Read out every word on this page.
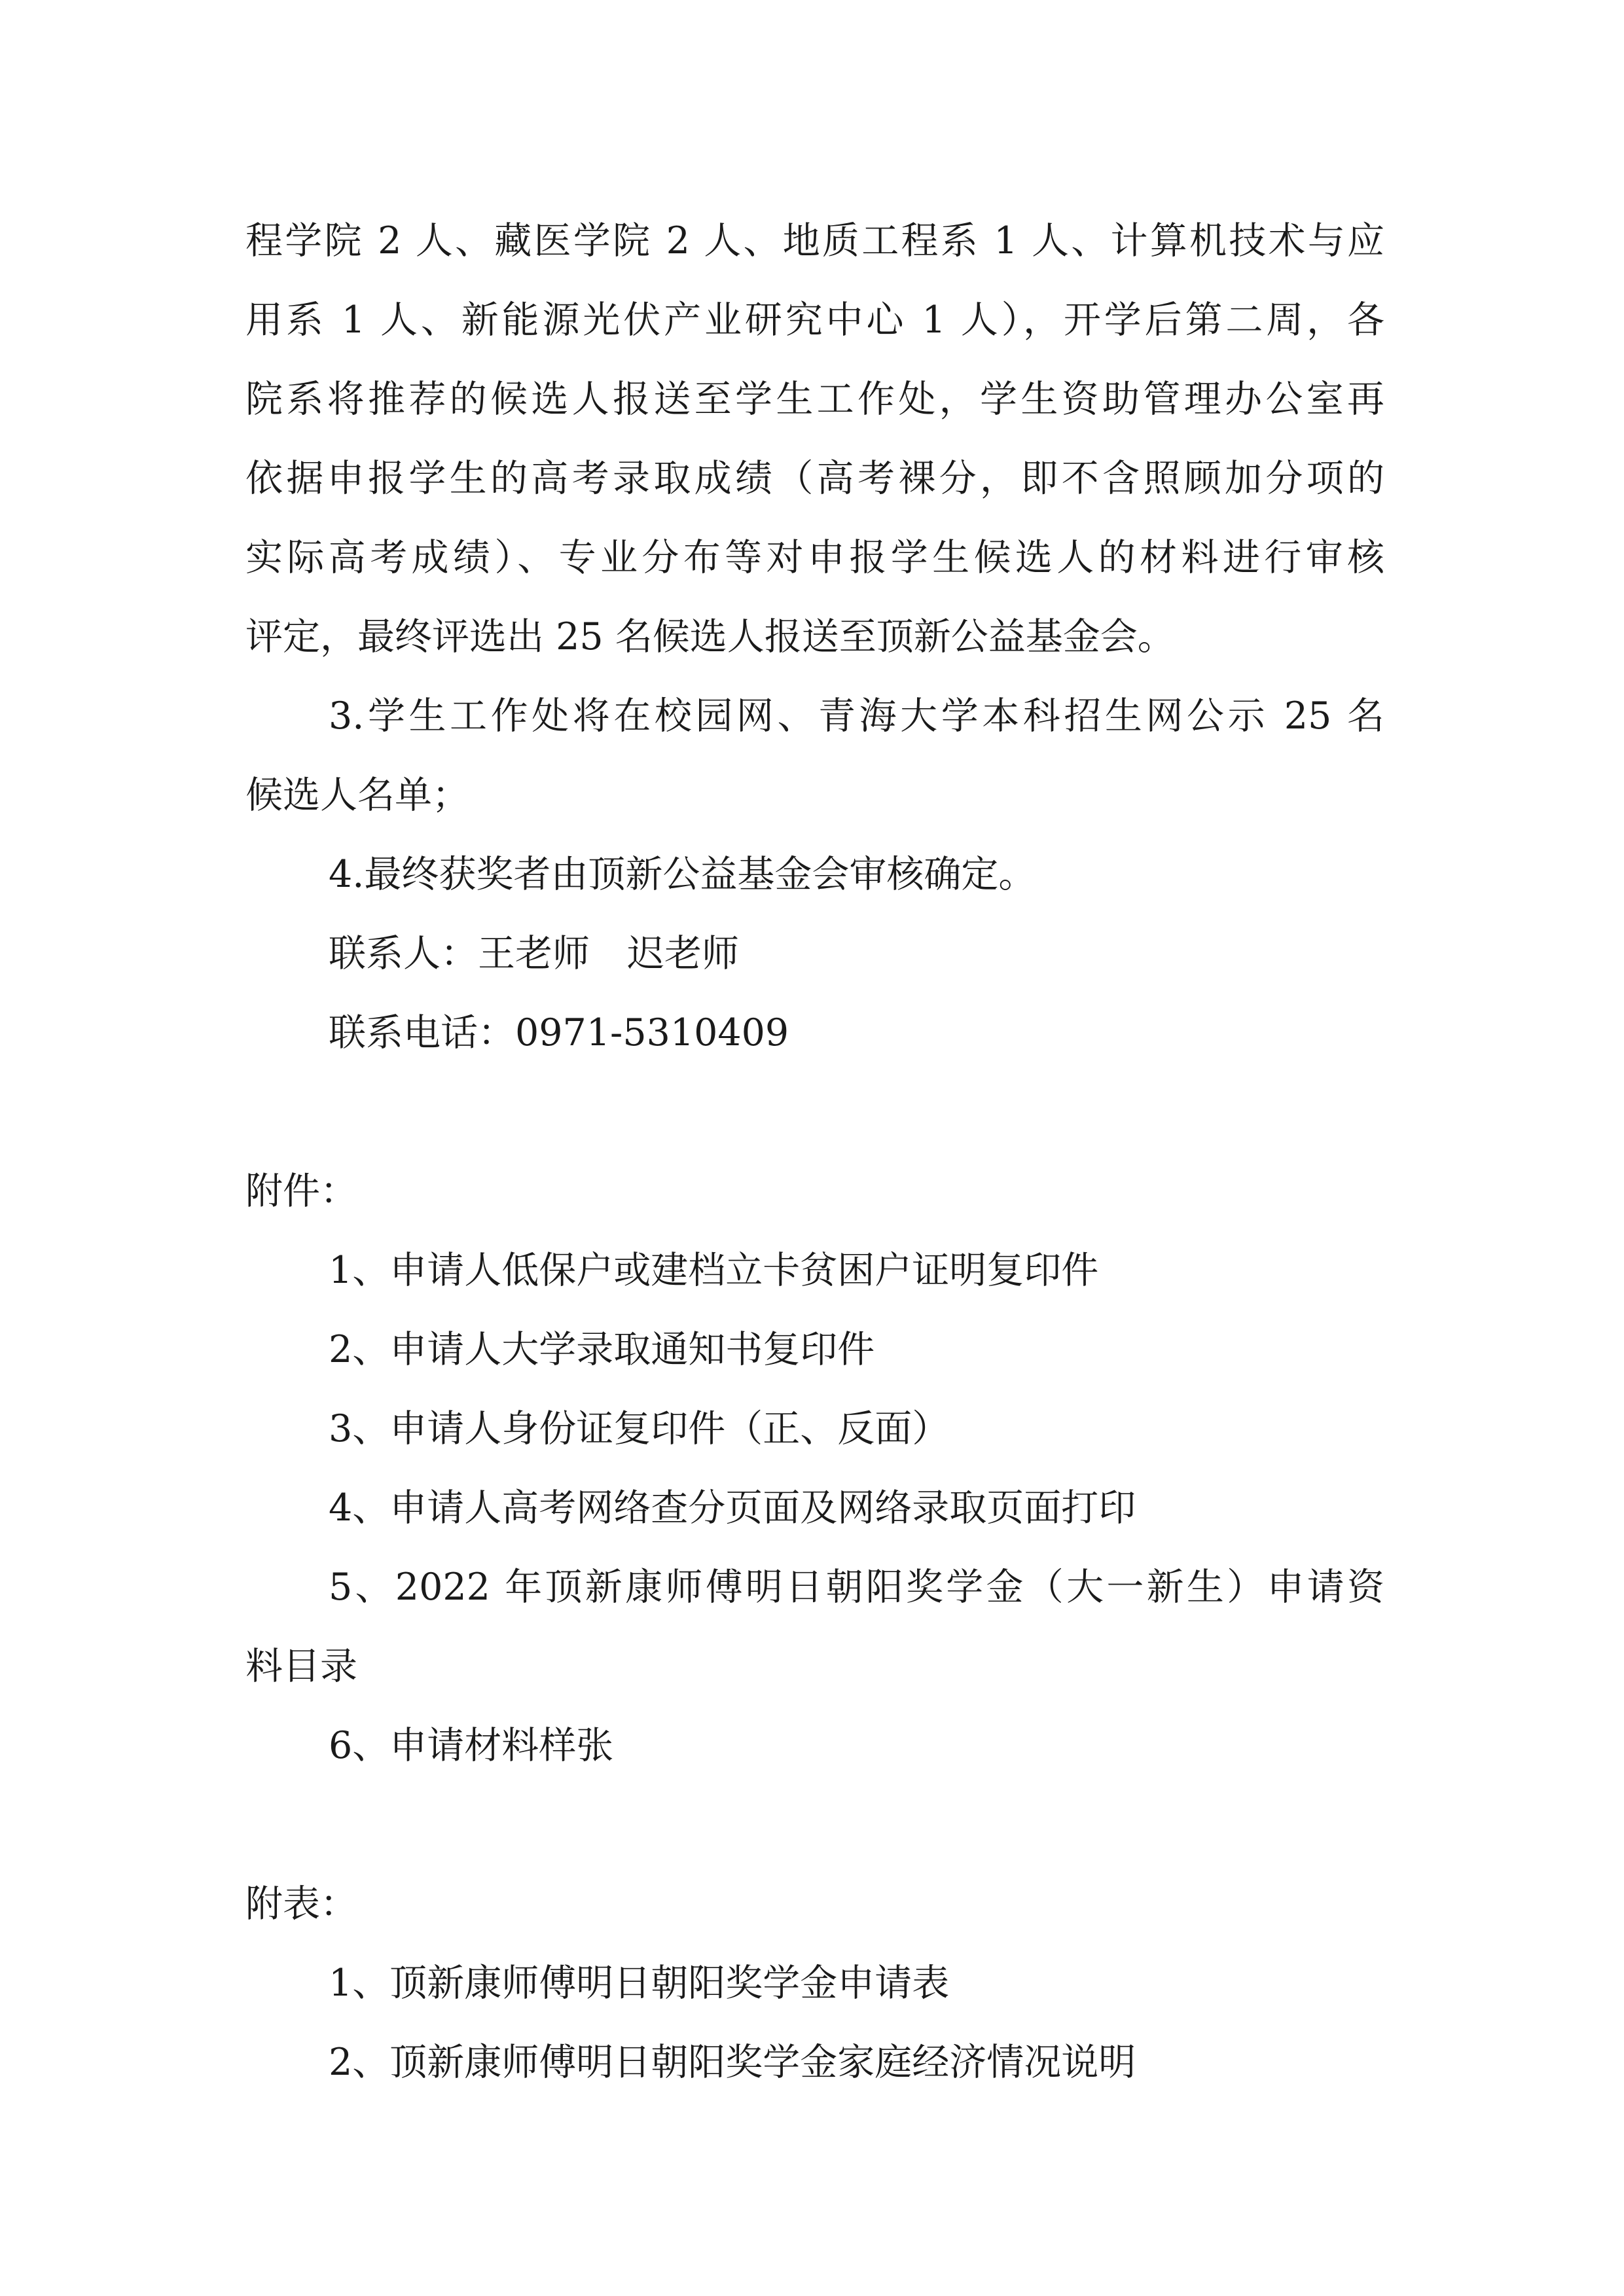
程学院 2 人、藏医学院 2 人、地质工程系 1 人、计算机技术与应
用系 1 人、新能源光伏产业研究中心 1 人），开学后第二周，各
院系将推荐的候选人报送至学生工作处，学生资助管理办公室再
依据申报学生的高考录取成绩（高考裸分，即不含照顾加分项的
实际高考成绩）、专业分布等对申报学生候选人的材料进行审核
评定，最终评选出 25 名候选人报送至顶新公益基金会。
3.学生工作处将在校园网、青海大学本科招生网公示 25 名
候选人名单；
4.最终获奖者由顶新公益基金会审核确定。
联系人：王老师　迟老师
联系电话：0971-5310409
附件：
1、申请人低保户或建档立卡贫困户证明复印件
2、申请人大学录取通知书复印件
3、申请人身份证复印件（正、反面）
4、申请人高考网络查分页面及网络录取页面打印
5、2022 年顶新康师傅明日朝阳奖学金（大一新生）申请资
料目录
6、申请材料样张
附表：
1、顶新康师傅明日朝阳奖学金申请表
2、顶新康师傅明日朝阳奖学金家庭经济情况说明
